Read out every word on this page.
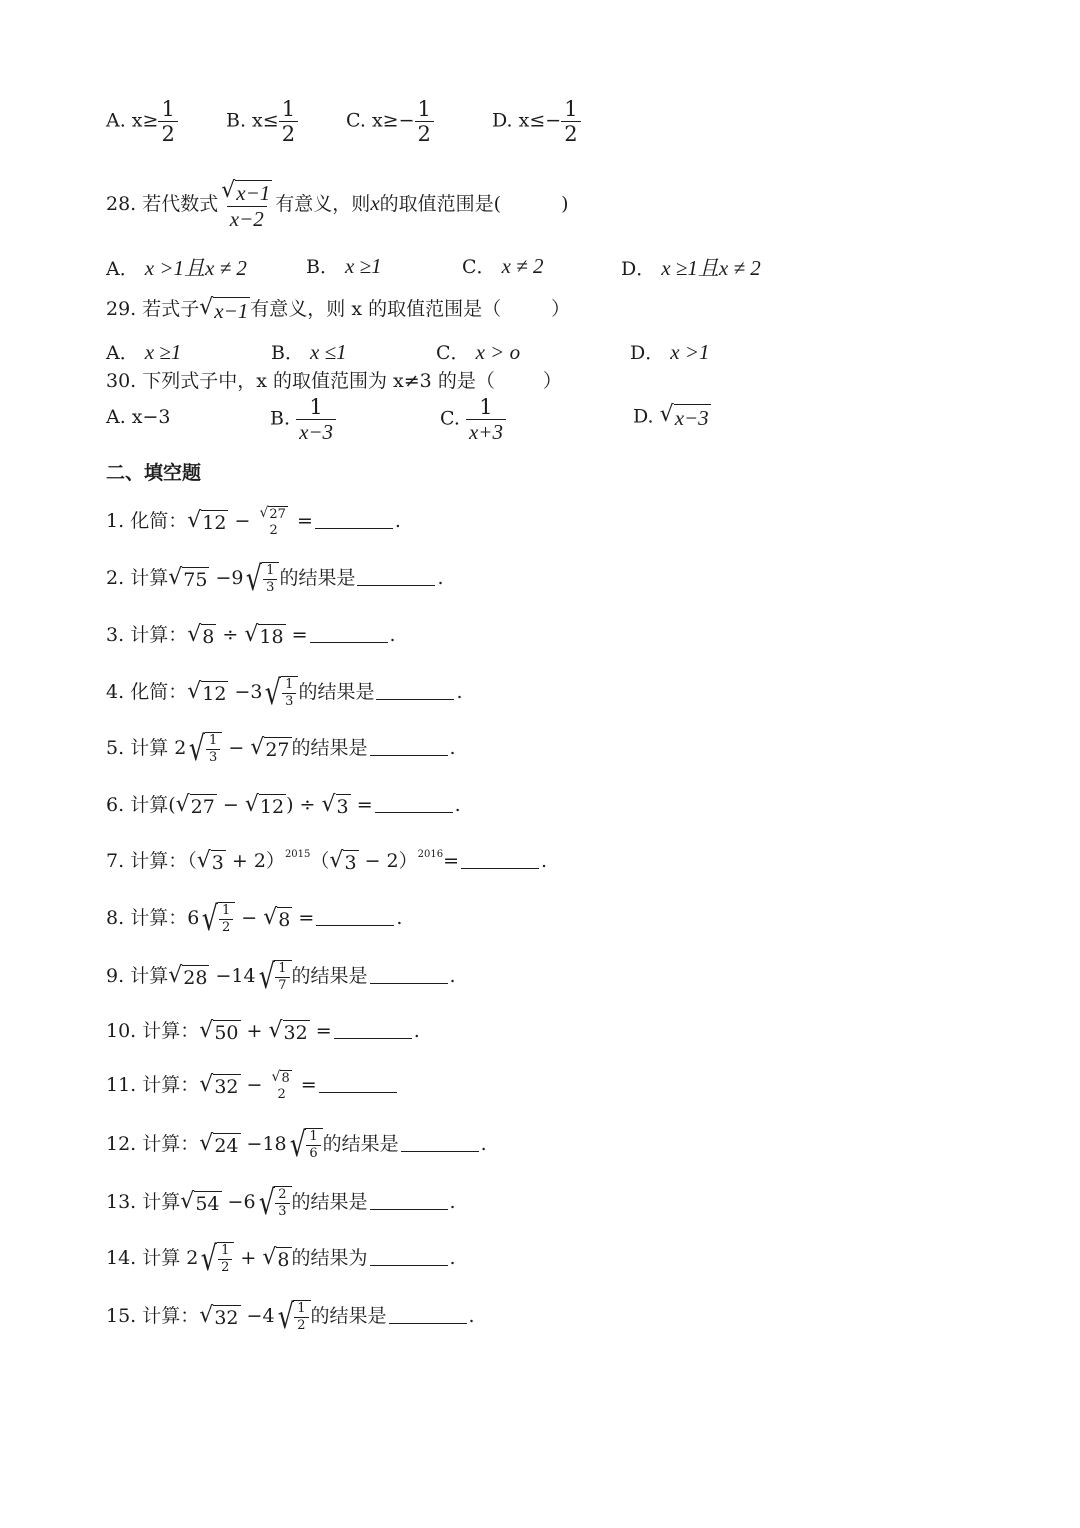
A. $x\ge \frac{1}{2}$	B. $x\le \frac{1}{2}$	C. $x\ge- \frac{1}{2}$	D. $x\le- \frac{1}{2}$
28. 若代数式 $\frac{√ x-1}{x-2}$ 有意义，则x的取值范围是(	)
A． x >1且x ≠ 2	B． x ≥1	C． x ≠ 2	D． x ≥1且x ≠ 2
29. 若式子 √ x−1 有意义，则 x 的取值范围是（	）
A． x ≥1	B． x ≤1	C． x > o	D． x >1
30. 下列式子中，x 的取值范围为 x≠3 的是（	）
A. x−3	B. $\frac{1}{x-3}$	C. $\frac{1}{x+3}$	D. √ x−3
二、填空题
1. 化简： √ 12 − √ 27
2 =	.
2. 计算 √ 75 −9 √ $\frac{1}{3}$ 的结果是	.
3. 计算： √ 8 ÷ √ 18 =	.
4. 化简： √ 12 −3 √ $\frac{1}{3}$ 的结果是	.
5. 计算 2 √ $\frac{1}{3}$ − √ 27 的结果是	.
6. 计算( √ 27 − √ 12 ) ÷ √ 3 =	.
7. 计算：（ √ 3 + 2）$^{2015}$（ √ 3 − 2）$^{2016}$=	.
8. 计算：6 √ $\frac{1}{2}$ − √ 8 =	.
9. 计算 √ 28 −14 √ $\frac{1}{7}$ 的结果是	.
10. 计算： √ 50 + √ 32 =	.
11. 计算： √ 32 − √ 8
2 =
12. 计算： √ 24 −18 √ $\frac{1}{6}$ 的结果是	.
13. 计算 √ 54 −6 √ $\frac{2}{3}$ 的结果是	.
14. 计算 2 √ $\frac{1}{2}$ + √ 8 的结果为	.
15. 计算： √ 32 −4 √ $\frac{1}{2}$ 的结果是	.
